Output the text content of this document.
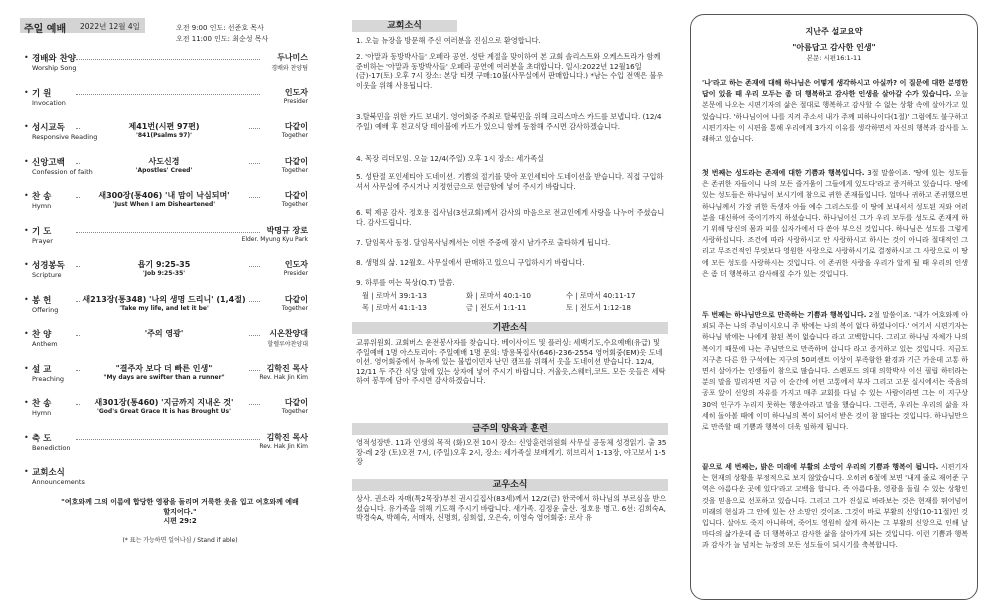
주일 예배 2022년 12월 4일	오전 9:00 인도: 선준호 목사
오전 11:00 인도: 최순성 목사
• 경배와 찬양
Worship Song
두나미스
경배와 찬양팀
• 기 원
Invocation
인도자
Presider
• 성시교독
Responsive Reading
제41번(시편 97편)
'841(Psalms 97)'
다같이
Together
• 신앙고백
Confession of faith
사도신경
'Apostles' Creed'
다같이
Together
• 찬 송
Hymn
새300장(통406) '내 맘이 낙심되며'
'Just When I am Disheartened'
다같이
Together
• 기 도
Prayer
박명규 장로
Elder. Myung Kyu Park
• 성경봉독
Scripture
욥기 9:25-35
'Job 9:25-35'
인도자
Presider
• 봉 헌
Offering
새213장(통348) '나의 생명 드리니' (1,4절)
'Take my life, and let it be'
다같이
Together
• 찬 양
Anthem
'주의 영광'	시온찬양대
할렐루야찬양대
• 설 교
Preaching
"결주자 보다 더 빠른 인생"
"My days are swifter than a runner"
김학진 목사
Rev. Hak Jin Kim
• 찬 송
Hymn
새301장(통460) '지금까지 지내온 것'
'God's Great Grace It is has Brought Us'
다같이
Together
• 축 도
Benediction
김학진 목사
Rev. Hak Jin Kim
• 교회소식
Announcements
"여호와께 그의 이름에 합당한 영광을 돌리며 거룩한 옷을 입고 여호와께 예배할지어다."
시편 29:2
(* 표는 가능하면 일어나심 / Stand if able)
교회소식
1. 오늘 뉴장을 방문해 주신 여러분을 진심으로 환영합니다.
2. '아말과 동방박사들' 오페라 공연. 성탄 계절을 맞이하여 본 교회 솔리스트와 오케스트라가 함께 준비하는 '아말과 동방박사들' 오페라 공연에 여러분을 초대합니다. 일시:2022년 12월16일(금)-17(토) 오후 7시 장소: 본당 티켓 구매:10불(사무실에서 판매합니다.) *남는 수입 전액은 불우이웃을 위해 사용됩니다.
3.탈북민을 위한 카드 보내기. 영어회중 주최로 탈북민을 위해 크리스마스 카드를 보냅니다. (12/4 주일) 예배 후 친교식당 테이블에 카드가 있으니 함께 동참해 주시면 감사하겠습니다.
4. 목장 리더모임. 오늘 12/4(주일) 오후 1시 장소: 세가족실
5. 성탄절 포인세티아 도네이션. 기쁨의 절기를 맞아 포인세티아 도네이션을 받습니다. 직접 구입하셔서 사무실에 주시거나 지정헌금으로 헌금함에 넣어 주시기 바랍니다.
6. 떡 제공 감사. 정호용 집사님(3선교회)께서 감사의 마음으로 전교인에게 사랑을 나누어 주셨습니다. 감사드립니다.
7. 달임목사 동정. 달임목사님께서는 이번 주중에 잠시 남가주로 출타하게 됩니다.
8. 생명의 삶. 12월호. 사무실에서 판매하고 있으니 구입하시기 바랍니다.
9. 하루를 여는 묵상(Q.T) 말씀.
월 | 로마서 39:1-13	화 | 로마서 40:1-10	수 | 로마서 40:11-17
목 | 로마서 41:1-13	금 | 전도서 1:1-11	토 | 전도서 1:12-18
기관소식
교류위원회. 교회버스 운전봉사자를 찾습니다. 베이사이드 및 플러싱: 세백기도,수요예배(유급) 및 주일예배 1명 아스토리아: 주일예배 1명 문의: 방용복집사(646)-236-2554 영어회중(EM)옷 도네이션. 영어회중에서 뉴욕에 있는 불법이민자 난민 캠프를 위해서 옷을 도네이션 받습니다. 12/4, 12/11 두 주간 식당 앞에 있는 상자에 넣어 주시기 바랍니다. 겨울옷,스웨터,코트. 모든 옷들은 세탁하여 봉투에 담아 주시면 감사하겠습니다.
금주의 양육과 훈련
영적성장반. 11과 인생의 목적 (화)오전 10시 장소: 신앙훈련위원회 사무실 공동체 성경읽기. 출 35장-레 2장 (토)오전 7시, (주일)오후 2시, 장소: 세가족실 보배게기. 히브리서 1-13장, 야고보서 1-5장
교우소식
상사. 권소라 자매(특2목장)부친 권시길집사(83세)께서 12/2(금) 한국에서 하나님의 부르심을 받으셨습니다. 유가족을 위해 기도해 주시기 바랍니다. 새가족. 김정윤 출산. 정호용 병고. 6선: 김희숙A, 박경숙A, 박혜숙, 서매자, 신명희, 심희섭, 오은숙, 이영숙 영어회중: 로사 유
지난주 설교요약
"아름답고 감사한 인생"
본문: 시편16:1-11
'나'라고 하는 존재에 대해 하나님은 어떻게 생각하시고 아실까? 이 질문에 대한 분명한 답이 있을 때 우리 모두는 좀 더 행복하고 감사한 인생을 살아갈 수가 있습니다. 오늘 본문에 나오는 시편기자의 삶은 절대로 행복하고 감사할 수 없는 상황 속에 살아가고 있었습니다. '하나님이여 나를 지켜 주소서 내가 주께 피하나이다(1절)' 그럼에도 불구하고 시편기자는 이 시편을 통해 우리에게 3가지 이유를 생각하면서 자신의 행복과 감사를 노래하고 있습니다.
첫 번째는 성도라는 존재에 대한 기쁨과 행복입니다. 3절 말씀이죠. '땅에 있는 성도들은 존귀한 자들이니 나의 모든 즐거움이 그들에게 있도다'라고 증거하고 있습니다. 땅에 있는 성도들은 하나님이 보시기에 참으로 귀한 존재들입니다. 얼마나 귀하고 존귀했으면 하나님께서 가장 귀한 독생자 아들 예수 그리스도를 이 땅에 보내셔서 성도된 저와 여러분을 대신하여 죽이기까지 하셨습니다. 하나님이신 그가 우리 모두를 성도로 존재케 하기 위해 당신의 몸과 피를 십자가에서 다 쏟아 부으신 것입니다. 하나님은 성도를 그렇게 사랑하십니다. 조건에 따라 사랑하시고 안 사랑하시고 하시는 것이 아니라 절대적인 그리고 무조건적인 무엇보다 영원한 사랑으로 사랑하시기로 결정하시고 그 사랑으로 이 땅에 모든 성도를 사랑하시는 것입니다. 이 존귀한 사랑을 우리가 알게 될 때 우리의 인생은 좀 더 행복하고 감사해질 수가 있는 것입니다.
두 번째는 하나님만으로 만족하는 기쁨과 행복입니다. 2절 말씀이죠. '내가 여호와께 아뢰되 주는 나의 주님이시오니 주 밖에는 나의 복이 없다 하였나이다.' 여기서 시편기자는 하나님 밖에는 나에게 참된 복이 없습니다 라고 고백합니다. 그리고 하나님 자체가 나의 복이기 때문에 나는 주님만으로 만족하며 삽니다 라고 증거하고 있는 것입니다. 지금도 지구촌 다른 한 구석에는 지구의 50퍼센트 이상이 부족함한 환경과 기근 가운데 고통 하면서 살아가는 인생들이 참으로 많습니다. 스펜포드 의대 의학박사 이신 필립 하터라는 분의 말을 빌리자면 지금 이 순간에 어떤 고통에서 부자 그리고 고문 실시에서는 죽음의 공포 앞이 신앙의 자유를 가지고 매주 교회를 다닐 수 있는 사람이라면 그는 이 지구상 30억 인구가 누리지 못하는 행운아라고 말을 했습니다. 그런즉, 우리는 우리의 삶을 자세히 돌아볼 때에 이미 하나님의 복이 되어서 받은 것이 참 많다는 것입니다. 하나님만으로 만족할 때 기쁨과 행복이 더욱 임하게 됩니다.
끝으로 세 번째는, 밝은 미래에 부활의 소망이 우리의 기쁨과 행복이 됩니다. 시편기자는 현재의 상황을 부정적으로 보지 않았습니다. 오히려 6절에 보면 '내게 줄로 재어준 구역은 아름다운 곳에 있다'라고 고백을 합니다. 즉 아름다움, 영광을 돌릴 수 있는 상황인 것을 믿음으로 선포하고 있습니다. 그리고 그가 진실로 바라보는 것은 현재를 뛰어넘어 미래의 현실과 그 안에 있는 산 소망인 것이죠. 그것이 바로 부활의 신앙(10-11절)인 것입니다. 살아도 죽지 아니하며, 죽어도 영원히 살게 하시는 그 부활의 신앙으로 인해 날마다의 삶가운데 좀 더 행복하고 감사한 삶을 살아가게 되는 것입니다. 이런 기쁨과 행복과 감사가 늘 넘치는 뉴장의 모든 성도들이 되시기를 축복합니다.
